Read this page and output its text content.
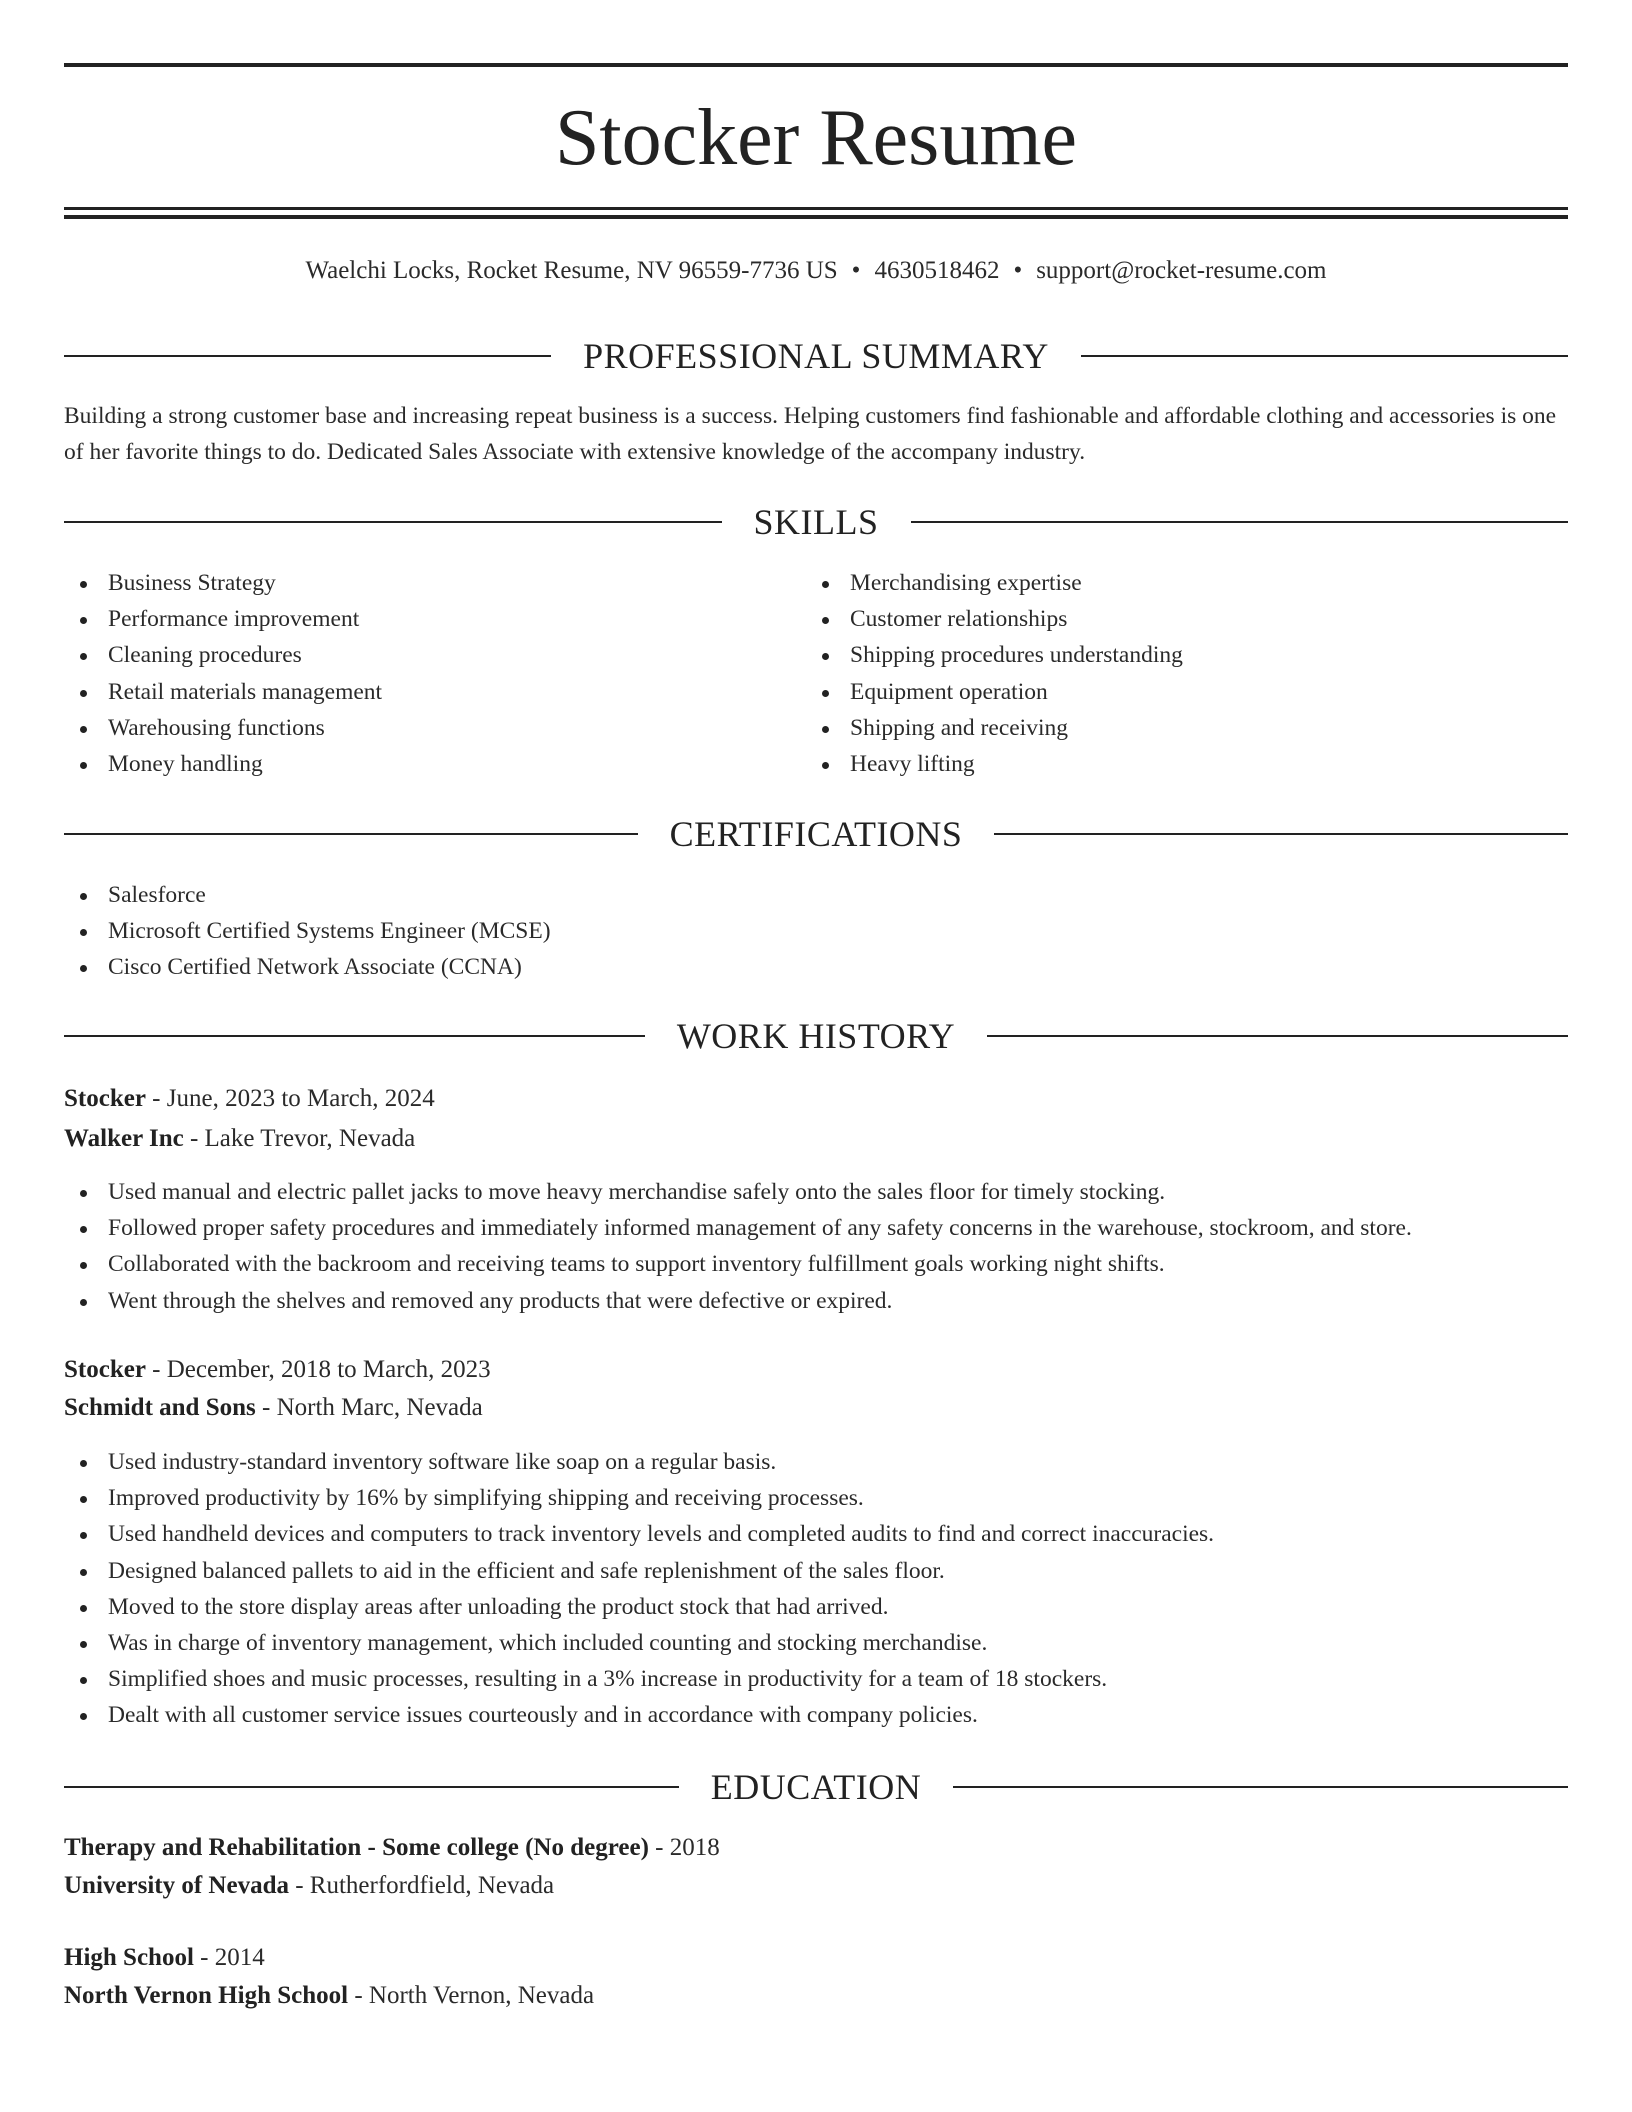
Stocker Resume
Waelchi Locks, Rocket Resume, NV 96559-7736 US • 4630518462 • support@rocket-resume.com
PROFESSIONAL SUMMARY

Building a strong customer base and increasing repeat business is a success. Helping customers find fashionable and affordable clothing and accessories is one of her favorite things to do. Dedicated Sales Associate with extensive knowledge of the accompany industry.

SKILLS
Business Strategy
Performance improvement
Cleaning procedures
Retail materials management
Warehousing functions
Money handling
Merchandising expertise
Customer relationships
Shipping procedures understanding
Equipment operation
Shipping and receiving
Heavy lifting
CERTIFICATIONS
Salesforce
Microsoft Certified Systems Engineer (MCSE)
Cisco Certified Network Associate (CCNA)
WORK HISTORY
Stocker - June, 2023 to March, 2024
Walker Inc - Lake Trevor, Nevada
Used manual and electric pallet jacks to move heavy merchandise safely onto the sales floor for timely stocking.
Followed proper safety procedures and immediately informed management of any safety concerns in the warehouse, stockroom, and store.
Collaborated with the backroom and receiving teams to support inventory fulfillment goals working night shifts.
Went through the shelves and removed any products that were defective or expired.
Stocker - December, 2018 to March, 2023
Schmidt and Sons - North Marc, Nevada
Used industry-standard inventory software like soap on a regular basis.
Improved productivity by 16% by simplifying shipping and receiving processes.
Used handheld devices and computers to track inventory levels and completed audits to find and correct inaccuracies.
Designed balanced pallets to aid in the efficient and safe replenishment of the sales floor.
Moved to the store display areas after unloading the product stock that had arrived.
Was in charge of inventory management, which included counting and stocking merchandise.
Simplified shoes and music processes, resulting in a 3% increase in productivity for a team of 18 stockers.
Dealt with all customer service issues courteously and in accordance with company policies.
EDUCATION
Therapy and Rehabilitation - Some college (No degree) - 2018
University of Nevada - Rutherfordfield, Nevada
High School - 2014
North Vernon High School - North Vernon, Nevada
